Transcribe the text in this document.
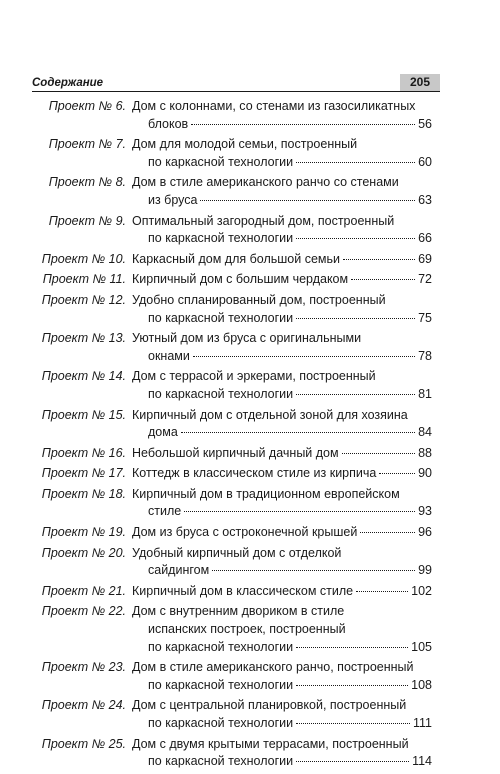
Содержание	205
Проект № 6. Дом с колоннами, со стенами из газосиликатных
блоков	56
Проект № 7. Дом для молодой семьи, построенный
по каркасной технологии	60
Проект № 8. Дом в стиле американского ранчо со стенами
из бруса	63
Проект № 9. Оптимальный загородный дом, построенный
по каркасной технологии	66
Проект № 10. Каркасный дом для большой семьи	69
Проект № 11. Кирпичный дом с большим чердаком	72
Проект № 12. Удобно спланированный дом, построенный
по каркасной технологии	75
Проект № 13. Уютный дом из бруса с оригинальными
окнами	78
Проект № 14. Дом с террасой и эркерами, построенный
по каркасной технологии	81
Проект № 15. Кирпичный дом с отдельной зоной для хозяина
дома	84
Проект № 16. Небольшой кирпичный дачный дом	88
Проект № 17. Коттедж в классическом стиле из кирпича	90
Проект № 18. Кирпичный дом в традиционном европейском
стиле	93
Проект № 19. Дом из бруса с остроконечной крышей	96
Проект № 20. Удобный кирпичный дом с отделкой
сайдингом	99
Проект № 21. Кирпичный дом в классическом стиле	102
Проект № 22. Дом с внутренним двориком в стиле
испанских построек, построенный
по каркасной технологии	105
Проект № 23. Дом в стиле американского ранчо, построенный
по каркасной технологии	108
Проект № 24. Дом с центральной планировкой, построенный
по каркасной технологии	111
Проект № 25. Дом с двумя крытыми террасами, построенный
по каркасной технологии	114
